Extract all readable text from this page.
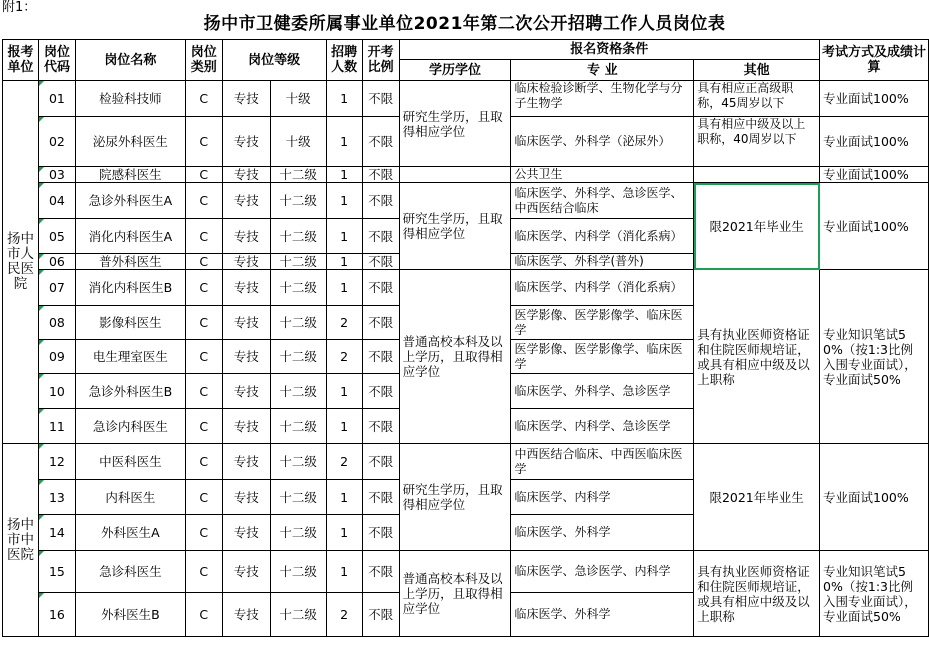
附1：
扬中市卫健委所属事业单位2021年第二次公开招聘工作人员岗位表
报考单位	岗位代码	岗位名称	岗位类别	岗位等级		招聘人数	开考比例	报名资格条件			考试方式及成绩计算
								学历学位	专 业	其他	
扬中市人民医院	01	检验科技师	C	专技	十级	1	不限	研究生学历，且取得相应学位	临床检验诊断学、生物化学与分子生物学	具有相应正高级职称，45周岁以下	专业面试100%
	02	泌尿外科医生	C	专技	十级	1	不限		临床医学、外科学（泌尿外）	具有相应中级及以上职称，40周岁以下	专业面试100%
	03	院感科医生	C	专技	十二级	1	不限		公共卫生		专业面试100%
	04	急诊外科医生A	C	专技	十二级	1	不限	研究生学历，且取得相应学位	临床医学、外科学、急诊医学、中西医结合临床	限2021年毕业生	专业面试100%
	05	消化内科医生A	C	专技	十二级	1	不限		临床医学、内科学（消化系病）		
	06	普外科医生	C	专技	十二级	1	不限		临床医学、外科学(普外)		
	07	消化内科医生B	C	专技	十二级	1	不限	普通高校本科及以上学历，且取得相应学位	临床医学、内科学（消化系病）	具有执业医师资格证和住院医师规培证，或具有相应中级及以上职称	专业知识笔试50%（按1:3比例入围专业面试），专业面试50%
	08	影像科医生	C	专技	十二级	2	不限		医学影像、医学影像学、临床医学		
	09	电生理室医生	C	专技	十二级	2	不限		医学影像、医学影像学、临床医学		
	10	急诊外科医生B	C	专技	十二级	1	不限		临床医学、外科学、急诊医学		
	11	急诊内科医生	C	专技	十二级	1	不限		临床医学、内科学、急诊医学		
扬中市中医院	12	中医科医生	C	专技	十二级	2	不限	研究生学历，且取得相应学位	中西医结合临床、中西医临床医学	限2021年毕业生	专业面试100%
	13	内科医生	C	专技	十二级	1	不限		临床医学、内科学		
	14	外科医生A	C	专技	十二级	1	不限		临床医学、外科学		
	15	急诊科医生	C	专技	十二级	1	不限	普通高校本科及以上学历，且取得相应学位	临床医学、急诊医学、内科学	具有执业医师资格证和住院医师规培证，或具有相应中级及以上职称	专业知识笔试50%（按1:3比例入围专业面试），专业面试50%
	16	外科医生B	C	专技	十二级	2	不限		临床医学、外科学		
